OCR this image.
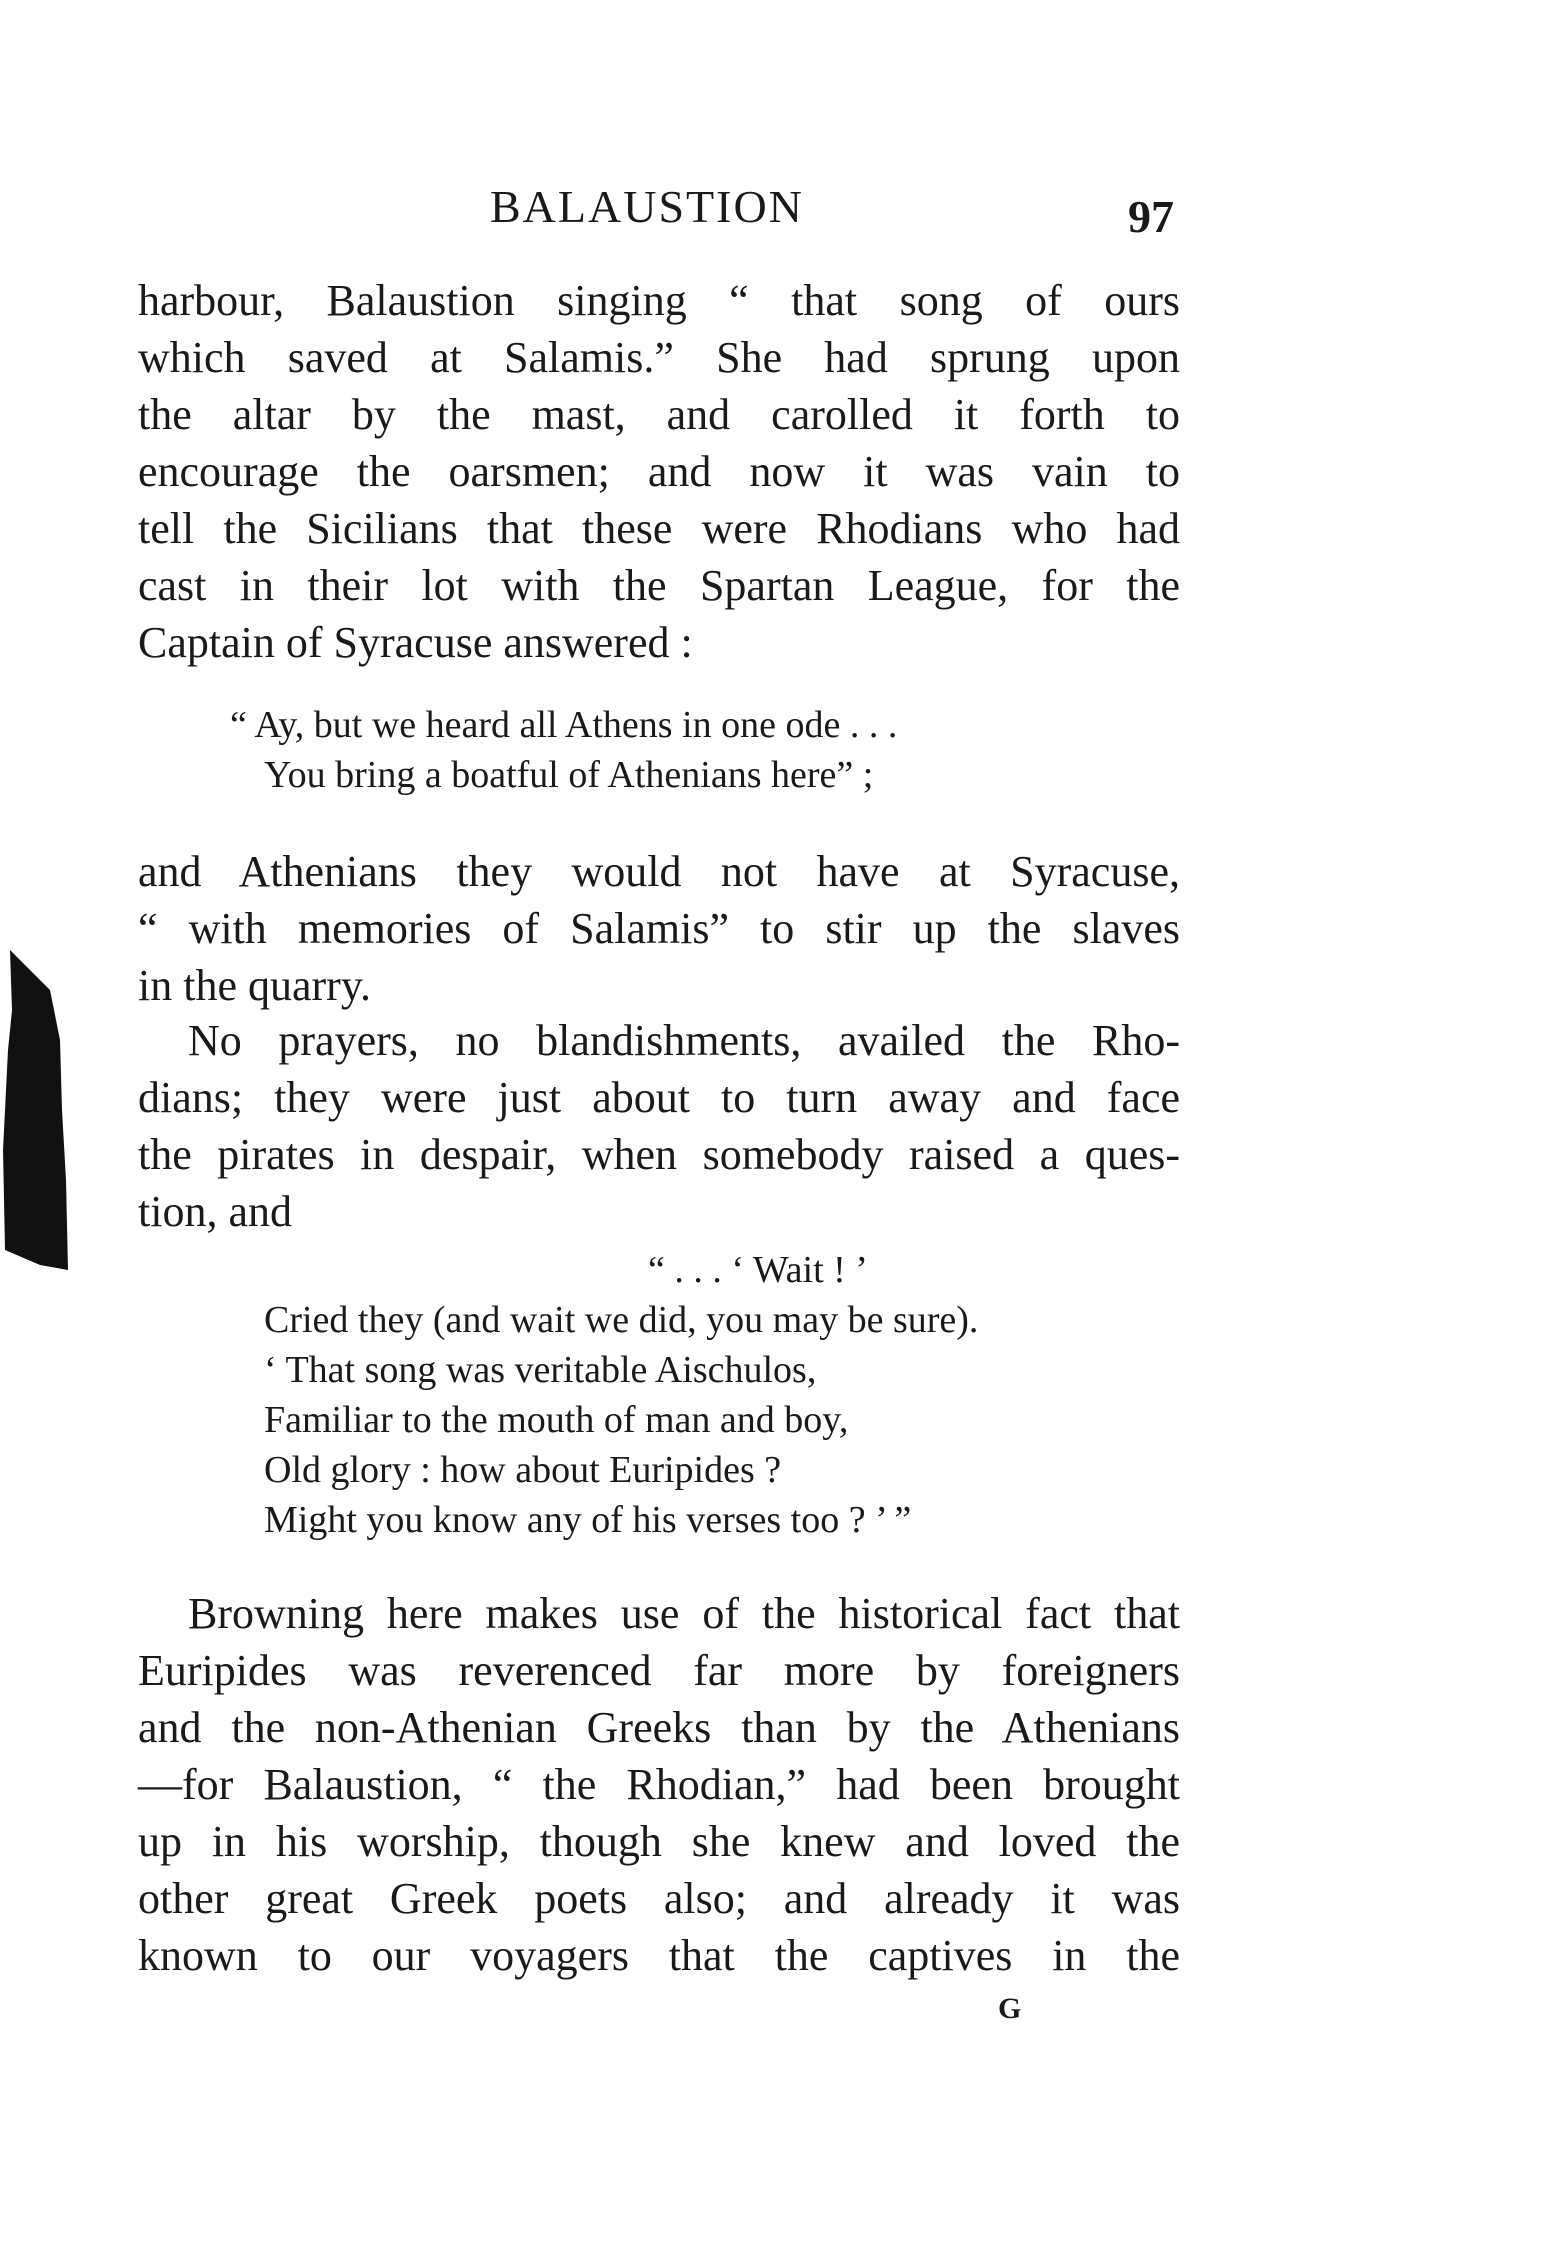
BALAUSTION	97
harbour, Balaustion singing “ that song of ours
which saved at Salamis.” She had sprung upon
the altar by the mast, and carolled it forth to
encourage the oarsmen; and now it was vain to
tell the Sicilians that these were Rhodians who had
cast in their lot with the Spartan League, for the
Captain of Syracuse answered :
“ Ay, but we heard all Athens in one ode . . .
You bring a boatful of Athenians here” ;
and Athenians they would not have at Syracuse,
“ with memories of Salamis” to stir up the slaves
in the quarry.
No prayers, no blandishments, availed the Rho-
dians; they were just about to turn away and face
the pirates in despair, when somebody raised a ques-
tion, and
“ . . . ‘ Wait ! ’
Cried they (and wait we did, you may be sure).
‘ That song was veritable Aischulos,
Familiar to the mouth of man and boy,
Old glory : how about Euripides ?
Might you know any of his verses too ? ’ ”
Browning here makes use of the historical fact that
Euripides was reverenced far more by foreigners
and the non-Athenian Greeks than by the Athenians
—for Balaustion, “ the Rhodian,” had been brought
up in his worship, though she knew and loved the
other great Greek poets also; and already it was
known to our voyagers that the captives in the
G
